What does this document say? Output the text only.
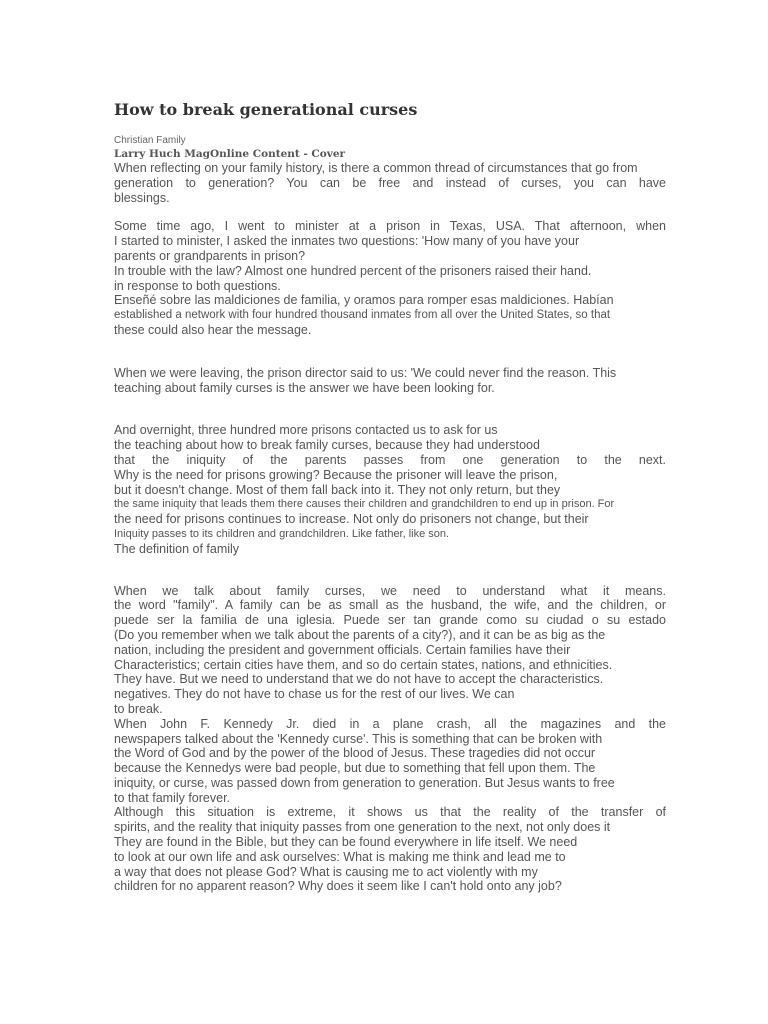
How to break generational curses
Christian Family
Larry Huch MagOnline Content - Cover
When reflecting on your family history, is there a common thread of circumstances that go from
generation to generation? You can be free and instead of curses, you can have
blessings.
Some time ago, I went to minister at a prison in Texas, USA. That afternoon, when
I started to minister, I asked the inmates two questions: 'How many of you have your
parents or grandparents in prison?
In trouble with the law? Almost one hundred percent of the prisoners raised their hand.
in response to both questions.
Enseñé sobre las maldiciones de familia, y oramos para romper esas maldiciones. Habían
established a network with four hundred thousand inmates from all over the United States, so that
these could also hear the message.
When we were leaving, the prison director said to us: 'We could never find the reason. This
teaching about family curses is the answer we have been looking for.
And overnight, three hundred more prisons contacted us to ask for us
the teaching about how to break family curses, because they had understood
that the iniquity of the parents passes from one generation to the next.
Why is the need for prisons growing? Because the prisoner will leave the prison,
but it doesn't change. Most of them fall back into it. They not only return, but they
the same iniquity that leads them there causes their children and grandchildren to end up in prison. For
the need for prisons continues to increase. Not only do prisoners not change, but their
Iniquity passes to its children and grandchildren. Like father, like son.
The definition of family
When we talk about family curses, we need to understand what it means.
the word "family". A family can be as small as the husband, the wife, and the children, or
puede ser la familia de una iglesia. Puede ser tan grande como su ciudad o su estado
(Do you remember when we talk about the parents of a city?), and it can be as big as the
nation, including the president and government officials. Certain families have their
Characteristics; certain cities have them, and so do certain states, nations, and ethnicities.
They have. But we need to understand that we do not have to accept the characteristics.
negatives. They do not have to chase us for the rest of our lives. We can
to break.
When John F. Kennedy Jr. died in a plane crash, all the magazines and the
newspapers talked about the 'Kennedy curse'. This is something that can be broken with
the Word of God and by the power of the blood of Jesus. These tragedies did not occur
because the Kennedys were bad people, but due to something that fell upon them. The
iniquity, or curse, was passed down from generation to generation. But Jesus wants to free
to that family forever.
Although this situation is extreme, it shows us that the reality of the transfer of
spirits, and the reality that iniquity passes from one generation to the next, not only does it
They are found in the Bible, but they can be found everywhere in life itself. We need
to look at our own life and ask ourselves: What is making me think and lead me to
a way that does not please God? What is causing me to act violently with my
children for no apparent reason? Why does it seem like I can't hold onto any job?
